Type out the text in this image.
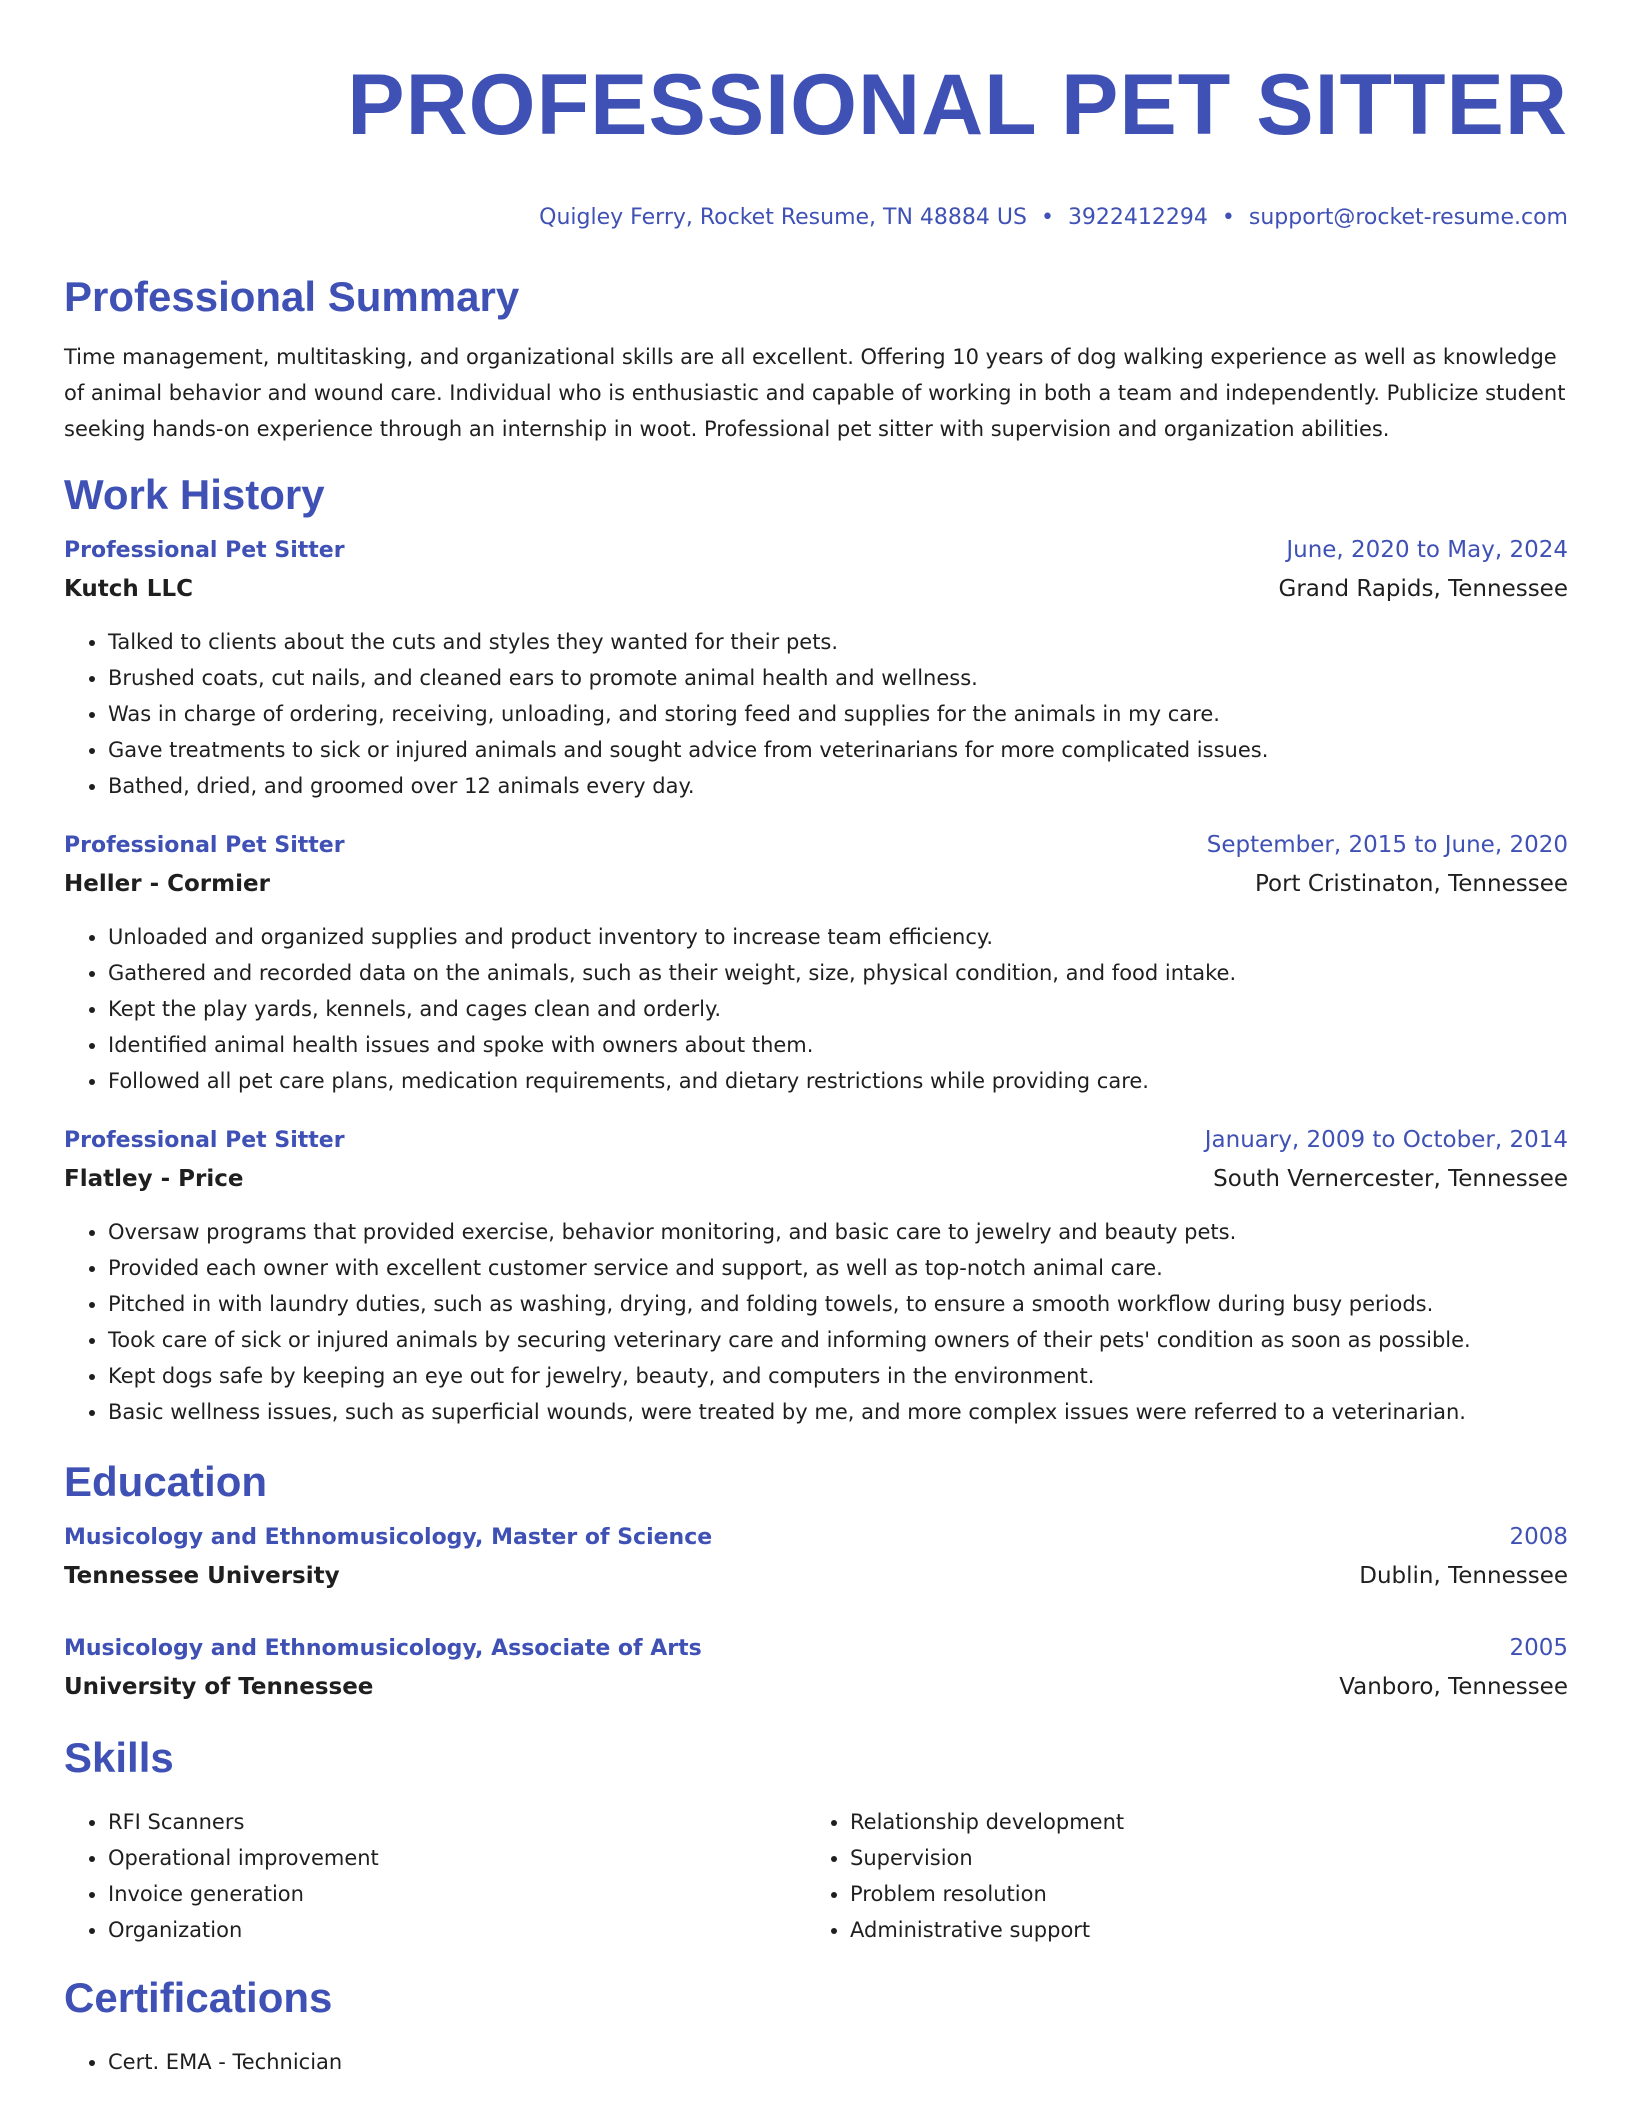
PROFESSIONAL PET SITTER
Quigley Ferry, Rocket Resume, TN 48884 US • 3922412294 • support@rocket-resume.com
Professional Summary

Time management, multitasking, and organizational skills are all excellent. Offering 10 years of dog walking experience as well as knowledge of animal behavior and wound care. Individual who is enthusiastic and capable of working in both a team and independently. Publicize student seeking hands-on experience through an internship in woot. Professional pet sitter with supervision and organization abilities.

Work History
Professional Pet Sitter	June, 2020 to May, 2024
Kutch LLC	Grand Rapids, Tennessee
• Talked to clients about the cuts and styles they wanted for their pets.
• Brushed coats, cut nails, and cleaned ears to promote animal health and wellness.
• Was in charge of ordering, receiving, unloading, and storing feed and supplies for the animals in my care.
• Gave treatments to sick or injured animals and sought advice from veterinarians for more complicated issues.
• Bathed, dried, and groomed over 12 animals every day.
Professional Pet Sitter	September, 2015 to June, 2020
Heller - Cormier	Port Cristinaton, Tennessee
• Unloaded and organized supplies and product inventory to increase team efficiency.
• Gathered and recorded data on the animals, such as their weight, size, physical condition, and food intake.
• Kept the play yards, kennels, and cages clean and orderly.
• Identified animal health issues and spoke with owners about them.
• Followed all pet care plans, medication requirements, and dietary restrictions while providing care.
Professional Pet Sitter	January, 2009 to October, 2014
Flatley - Price	South Vernercester, Tennessee
• Oversaw programs that provided exercise, behavior monitoring, and basic care to jewelry and beauty pets.
• Provided each owner with excellent customer service and support, as well as top-notch animal care.
• Pitched in with laundry duties, such as washing, drying, and folding towels, to ensure a smooth workflow during busy periods.
• Took care of sick or injured animals by securing veterinary care and informing owners of their pets' condition as soon as possible.
• Kept dogs safe by keeping an eye out for jewelry, beauty, and computers in the environment.
• Basic wellness issues, such as superficial wounds, were treated by me, and more complex issues were referred to a veterinarian.
Education
Musicology and Ethnomusicology, Master of Science	2008
Tennessee University	Dublin, Tennessee
Musicology and Ethnomusicology, Associate of Arts	2005
University of Tennessee	Vanboro, Tennessee
Skills
• RFI Scanners
• Operational improvement
• Invoice generation
• Organization
• Relationship development
• Supervision
• Problem resolution
• Administrative support
Certifications
• Cert. EMA - Technician
